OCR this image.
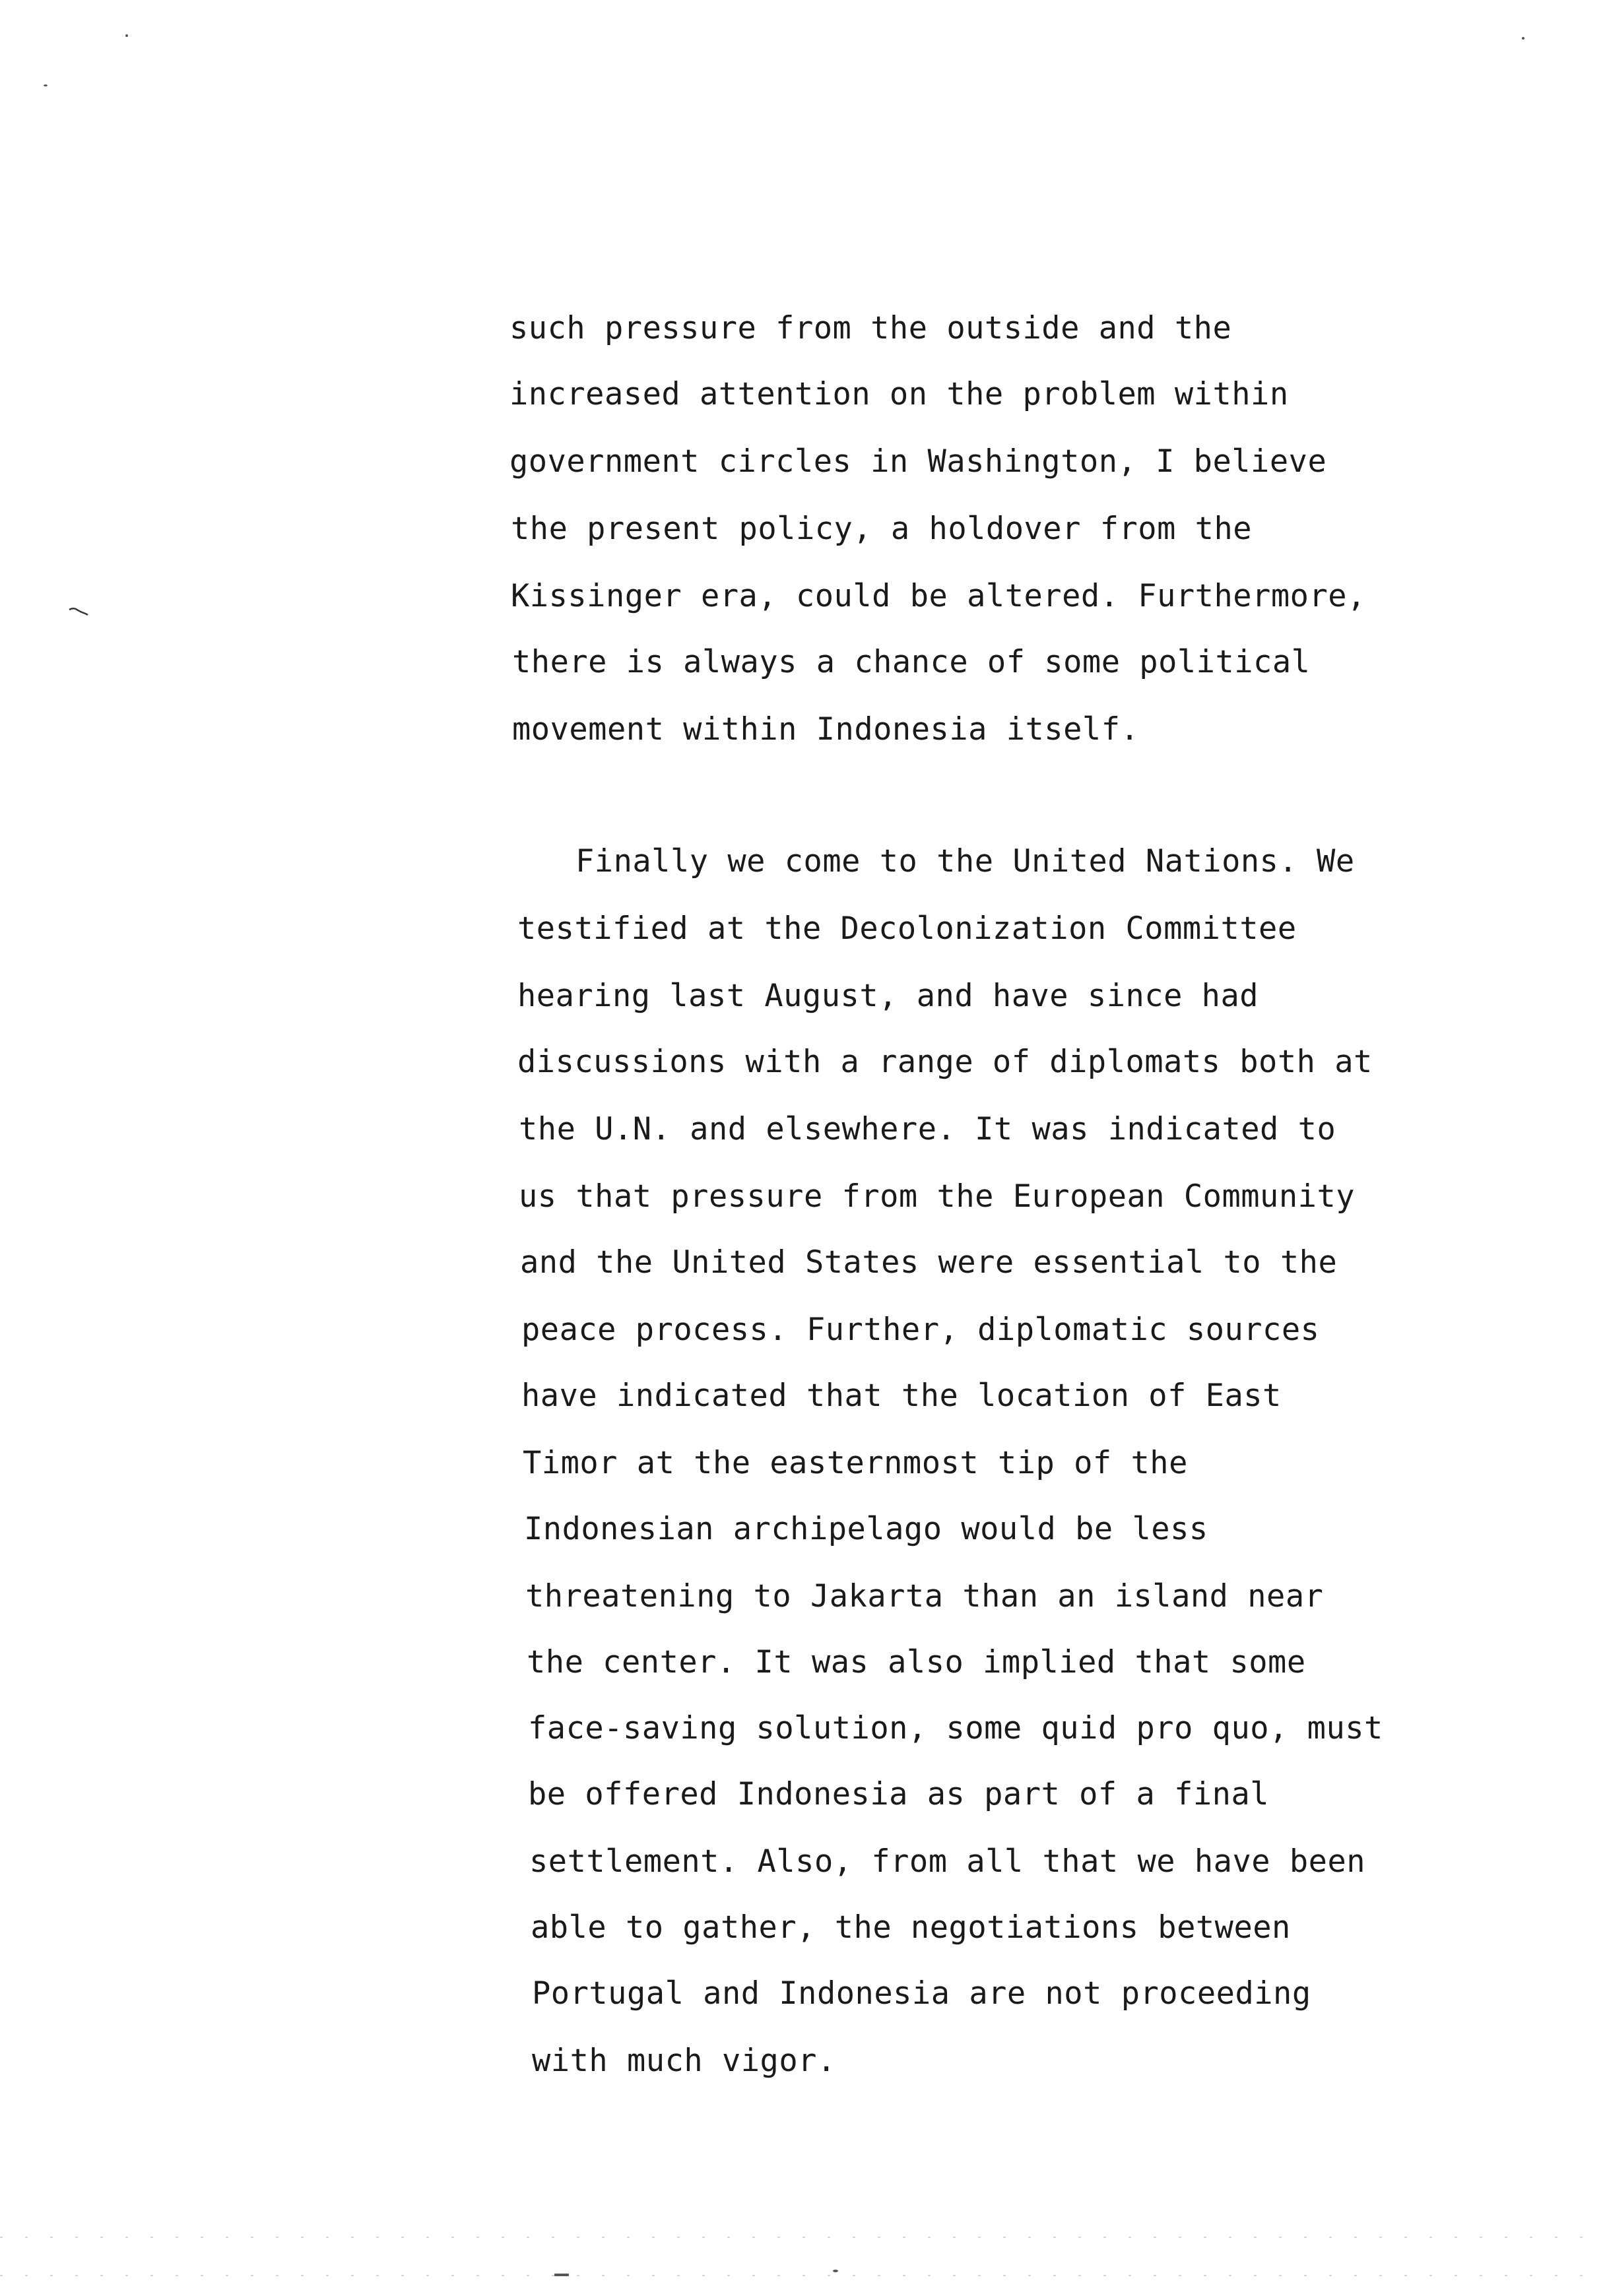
such pressure from the outside and the
increased attention on the problem within
government circles in Washington, I believe
the present policy, a holdover from the
Kissinger era, could be altered. Furthermore,
there is always a chance of some political
movement within Indonesia itself.
Finally we come to the United Nations. We
testified at the Decolonization Committee
hearing last August, and have since had
discussions with a range of diplomats both at
the U.N. and elsewhere. It was indicated to
us that pressure from the European Community
and the United States were essential to the
peace process. Further, diplomatic sources
have indicated that the location of East
Timor at the easternmost tip of the
Indonesian archipelago would be less
threatening to Jakarta than an island near
the center. It was also implied that some
face-saving solution, some quid pro quo, must
be offered Indonesia as part of a final
settlement. Also, from all that we have been
able to gather, the negotiations between
Portugal and Indonesia are not proceeding
with much vigor.
